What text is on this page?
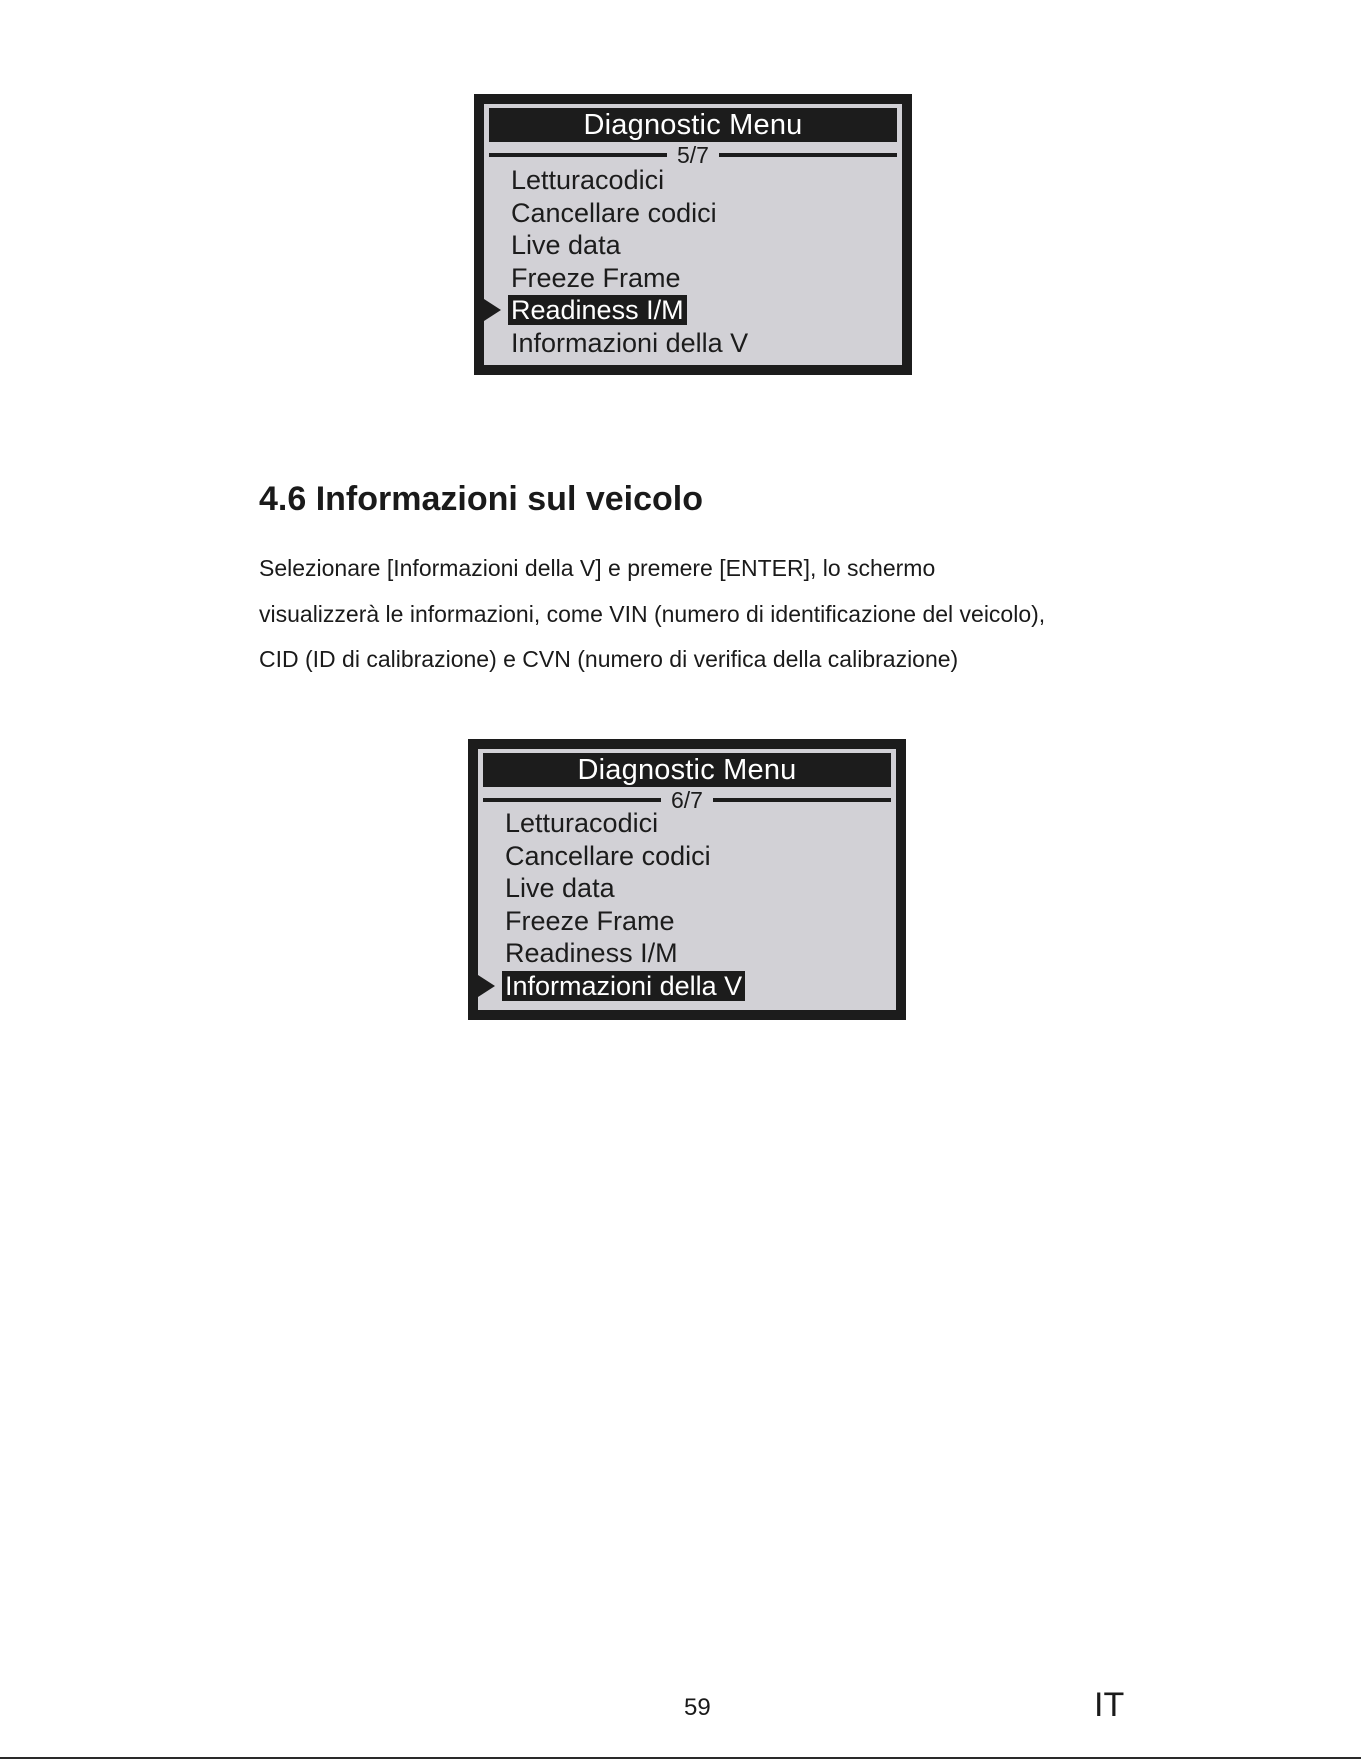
Diagnostic Menu
5/7
Letturacodici
Cancellare codici
Live data
Freeze Frame
Readiness I/M
Informazioni della V
4.6 Informazioni sul veicolo

Selezionare [Informazioni della V] e premere [ENTER], lo schermo
visualizzerà le informazioni, come VIN (numero di identificazione del veicolo),
CID (ID di calibrazione) e CVN (numero di verifica della calibrazione)

Diagnostic Menu
6/7
Letturacodici
Cancellare codici
Live data
Freeze Frame
Readiness I/M
Informazioni della V
59	IT
